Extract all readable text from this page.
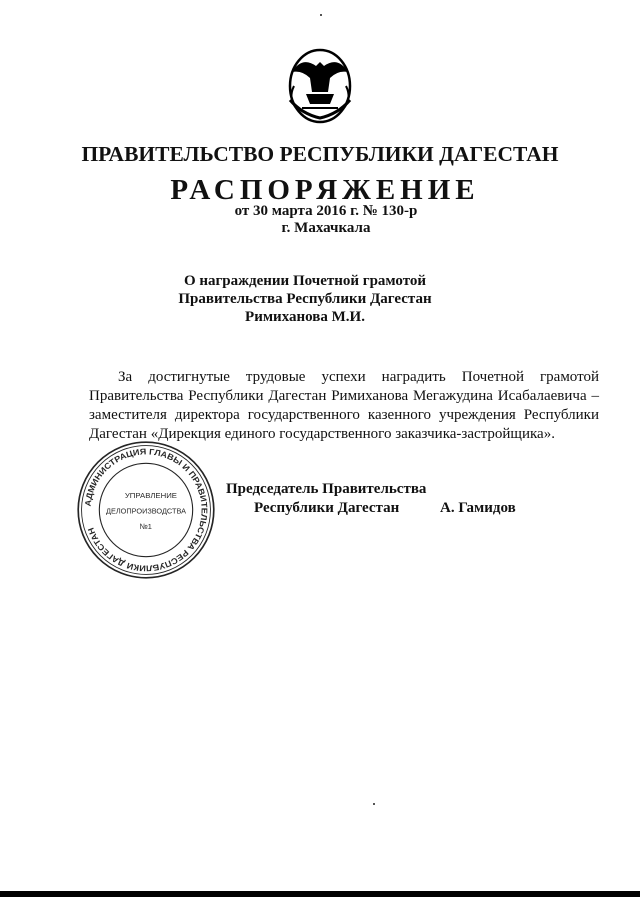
ПРАВИТЕЛЬСТВО РЕСПУБЛИКИ ДАГЕСТАН
РАСПОРЯЖЕНИЕ
от 30 марта 2016 г. № 130-р
г. Махачкала
О награждении Почетной грамотой
Правительства Республики Дагестан
Римиханова М.И.
За достигнутые трудовые успехи наградить Почетной грамотой Правительства Республики Дагестан Римиханова Мегажудина Исабалаевича – заместителя директора государственного казенного учреждения Республики Дагестан «Дирекция единого государственного заказчика-застройщика».
АДМИНИСТРАЦИЯ ГЛАВЫ И ПРАВИТЕЛЬСТВА РЕСПУБЛИКИ ДАГЕСТАН
УПРАВЛЕНИЕ
ДЕЛОПРОИЗВОДСТВА
№1
Председатель Правительства
Республики Дагестан	А. Гамидов
